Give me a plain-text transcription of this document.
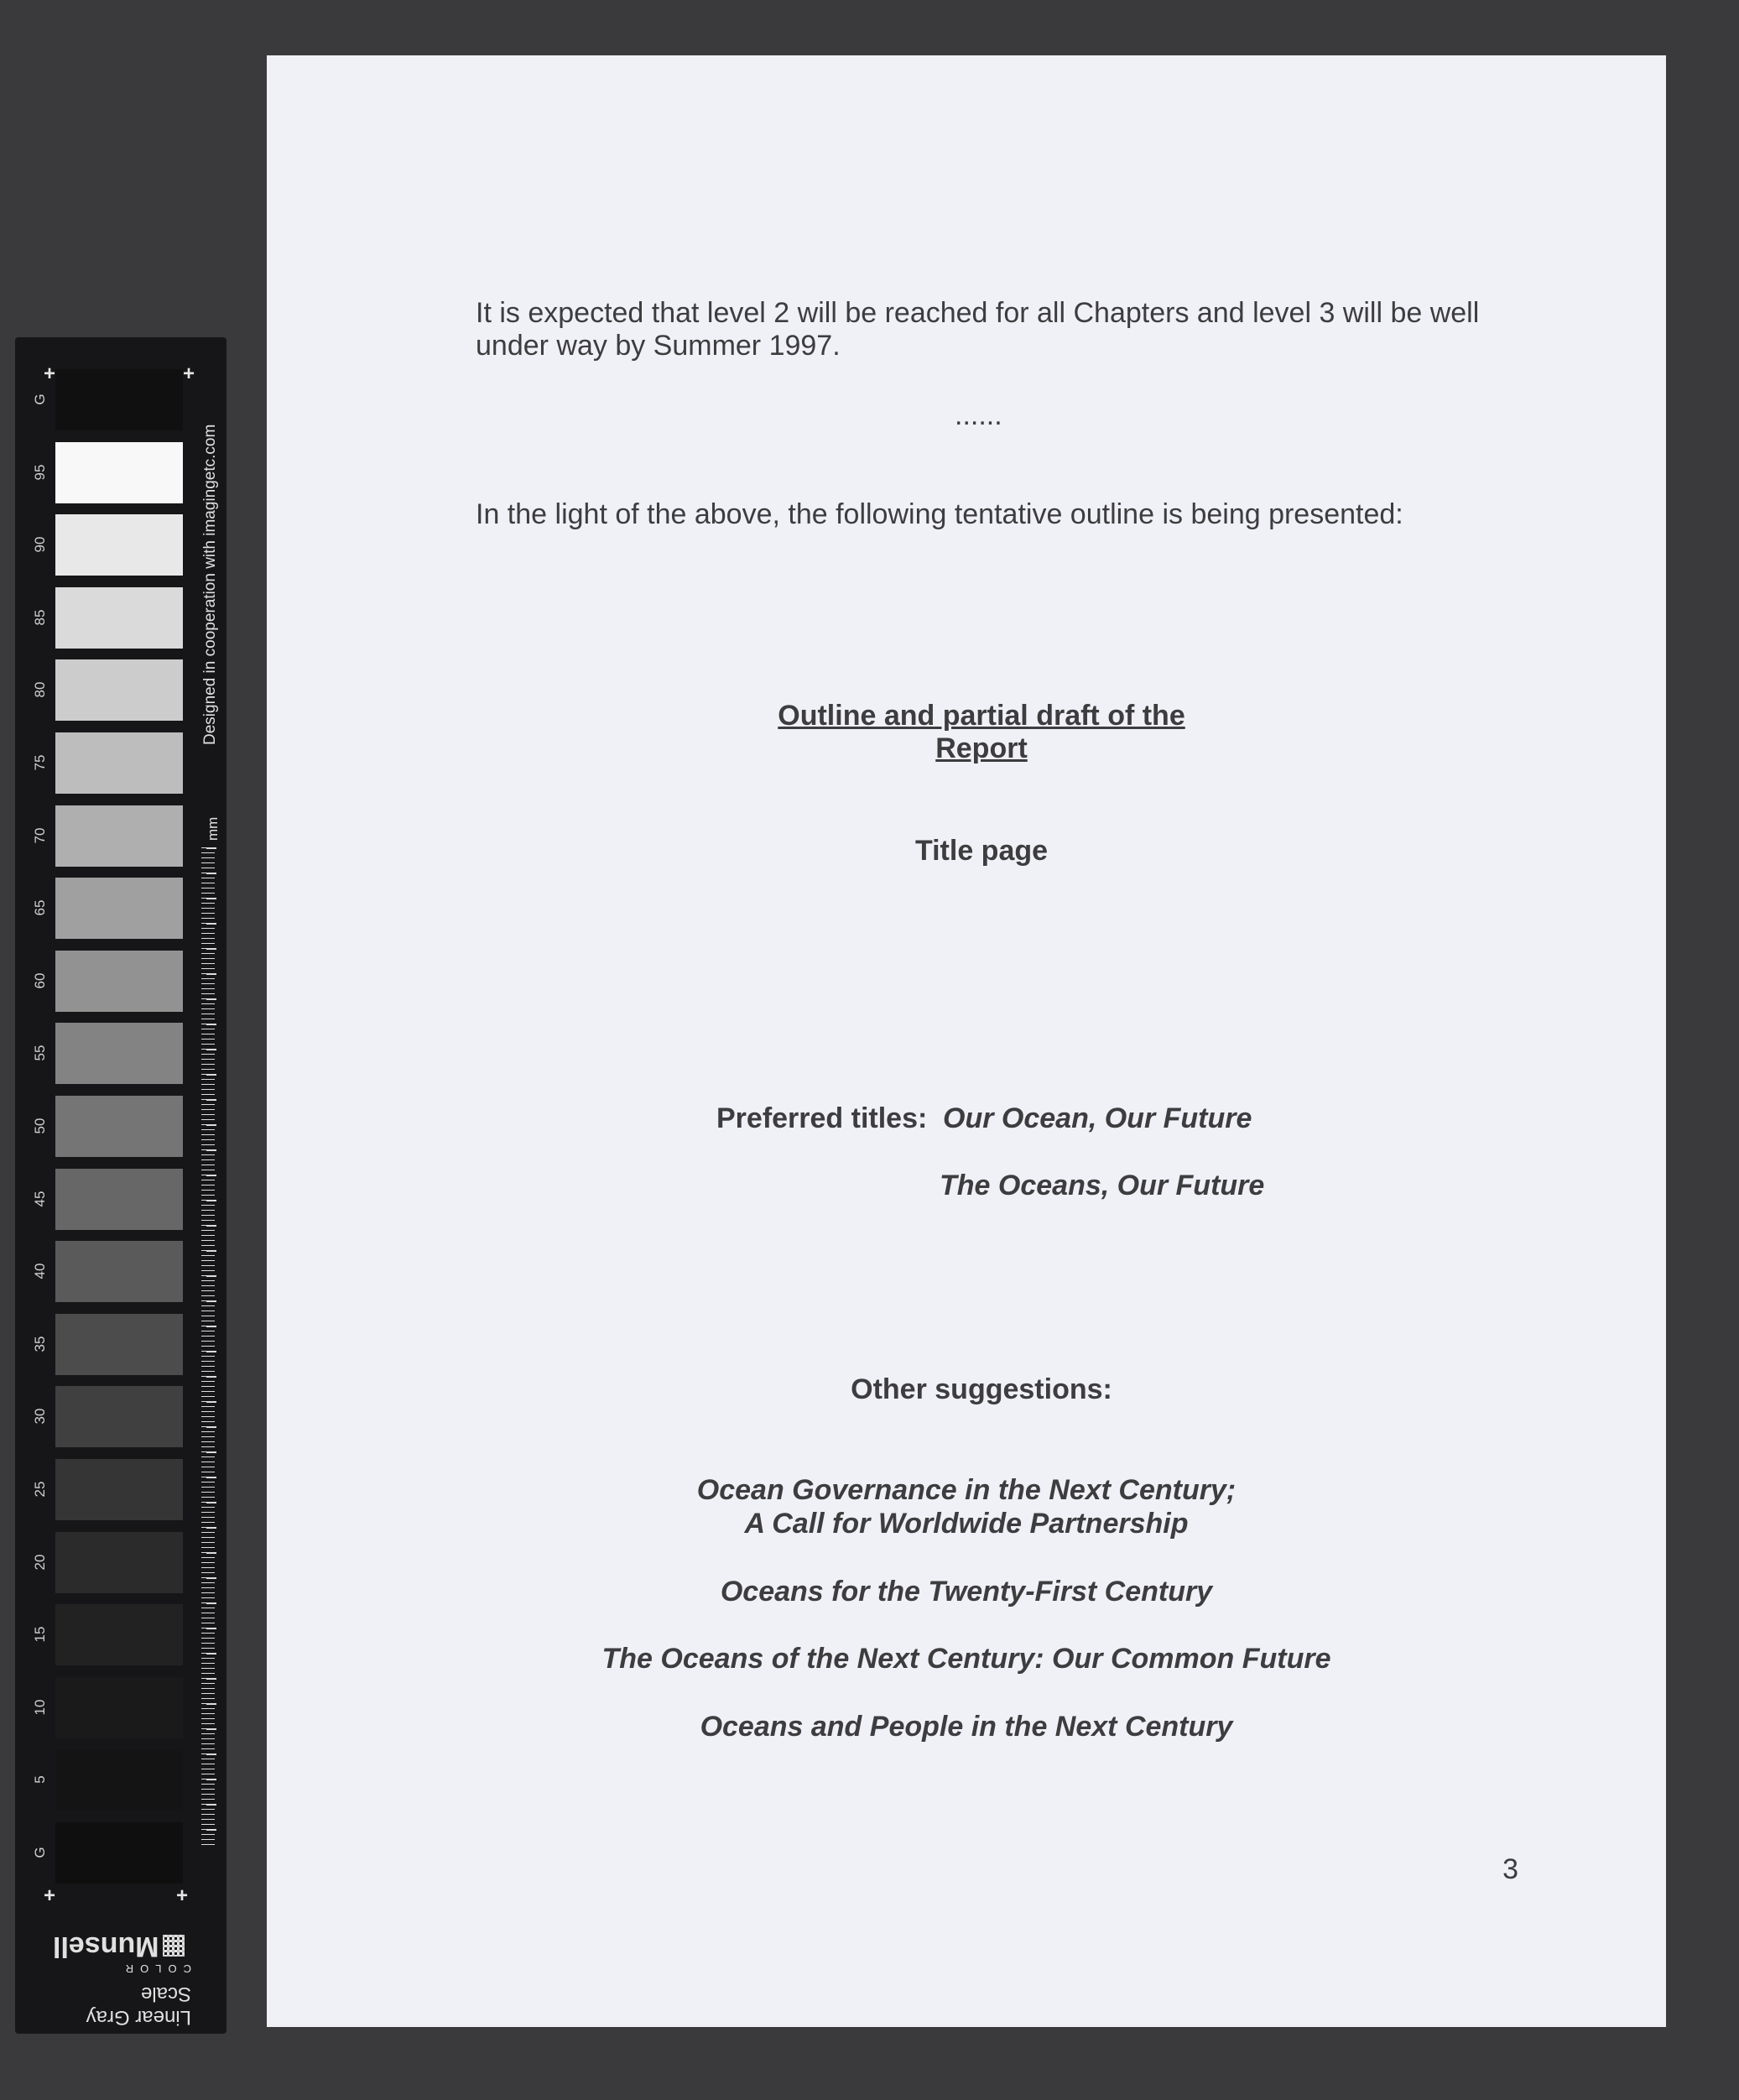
+	+
+	+
G
95
90
85
80
75
70
65
60
55
50
45
40
35
30
25
20
15
10
5
G
Designed in cooperation with imagingetc.com
mm
Linear Gray Scale
COLOR
Munsell
It is expected that level 2 will be reached for all Chapters and level 3 will be well under way by Summer 1997.
......
In the light of the above, the following tentative outline is being presented:
Outline and partial draft of the Report
Title page
Preferred titles: Our Ocean, Our Future
The Oceans, Our Future
Other suggestions:
Ocean Governance in the Next Century;
A Call for Worldwide Partnership
Oceans for the Twenty-First Century
The Oceans of the Next Century: Our Common Future
Oceans and People in the Next Century
3
